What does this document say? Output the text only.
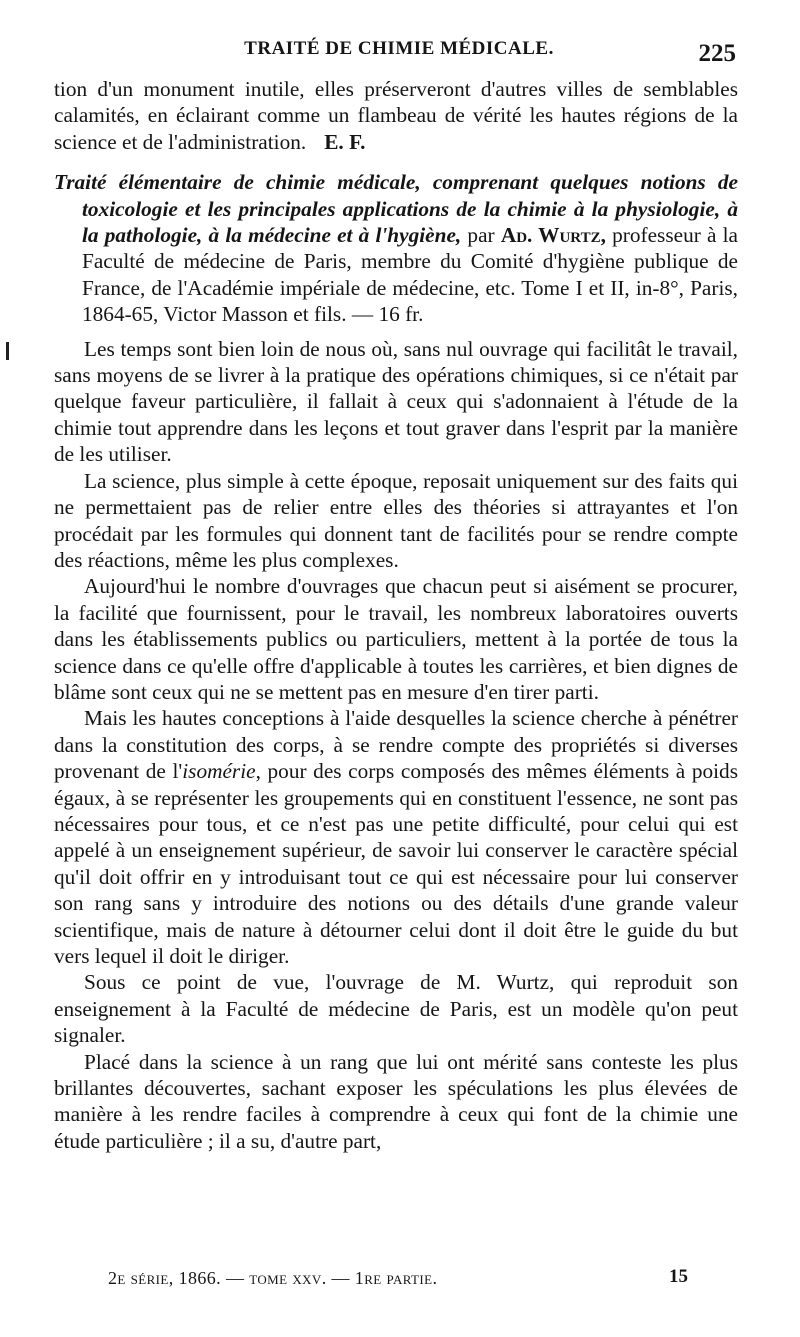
TRAITÉ DE CHIMIE MÉDICALE.	225

tion d'un monument inutile, elles préserveront d'autres villes de semblables calamités, en éclairant comme un flambeau de vérité les hautes régions de la science et de l'administration. E. F.

Traité élémentaire de chimie médicale, comprenant quelques notions de toxicologie et les principales applications de la chimie à la physiologie, à la pathologie, à la médecine et à l'hygiène, par Ad. Wurtz, professeur à la Faculté de médecine de Paris, membre du Comité d'hygiène publique de France, de l'Académie impériale de médecine, etc. Tome I et II, in-8°, Paris, 1864-65, Victor Masson et fils. — 16 fr.

Les temps sont bien loin de nous où, sans nul ouvrage qui facilitât le travail, sans moyens de se livrer à la pratique des opérations chimiques, si ce n'était par quelque faveur particulière, il fallait à ceux qui s'adonnaient à l'étude de la chimie tout apprendre dans les leçons et tout graver dans l'esprit par la manière de les utiliser.

La science, plus simple à cette époque, reposait uniquement sur des faits qui ne permettaient pas de relier entre elles des théories si attrayantes et l'on procédait par les formules qui donnent tant de facilités pour se rendre compte des réactions, même les plus complexes.

Aujourd'hui le nombre d'ouvrages que chacun peut si aisément se procurer, la facilité que fournissent, pour le travail, les nombreux laboratoires ouverts dans les établissements publics ou particuliers, mettent à la portée de tous la science dans ce qu'elle offre d'applicable à toutes les carrières, et bien dignes de blâme sont ceux qui ne se mettent pas en mesure d'en tirer parti.

Mais les hautes conceptions à l'aide desquelles la science cherche à pénétrer dans la constitution des corps, à se rendre compte des propriétés si diverses provenant de l'isomérie, pour des corps composés des mêmes éléments à poids égaux, à se représenter les groupements qui en constituent l'essence, ne sont pas nécessaires pour tous, et ce n'est pas une petite difficulté, pour celui qui est appelé à un enseignement supérieur, de savoir lui conserver le caractère spécial qu'il doit offrir en y introduisant tout ce qui est nécessaire pour lui conserver son rang sans y introduire des notions ou des détails d'une grande valeur scientifique, mais de nature à détourner celui dont il doit être le guide du but vers lequel il doit le diriger.

Sous ce point de vue, l'ouvrage de M. Wurtz, qui reproduit son enseignement à la Faculté de médecine de Paris, est un modèle qu'on peut signaler.

Placé dans la science à un rang que lui ont mérité sans conteste les plus brillantes découvertes, sachant exposer les spéculations les plus élevées de manière à les rendre faciles à comprendre à ceux qui font de la chimie une étude particulière ; il a su, d'autre part,

2e série, 1866. — tome xxv. — 1re partie.	15
